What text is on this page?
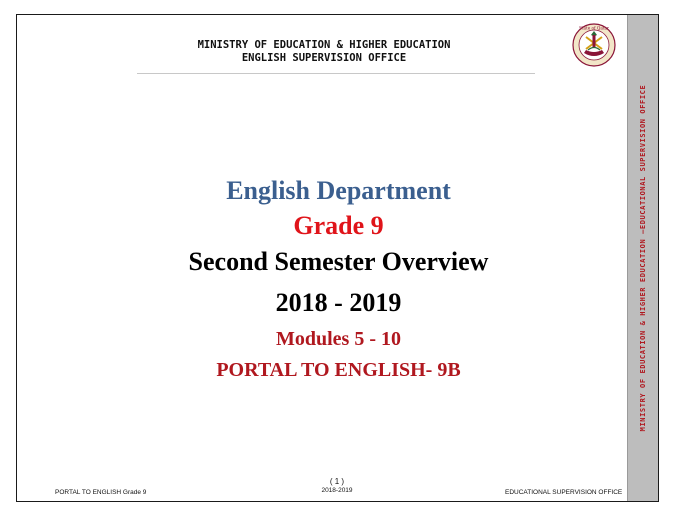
MINISTRY OF EDUCATION & HIGHER EDUCATION
ENGLISH SUPERVISION OFFICE
State of Qatar
MINISTRY OF EDUCATION & HIGHER EDUCATION –EDUCATIONAL SUPERVISION OFFICE
English Department
Grade 9
Second Semester Overview
2018 - 2019
Modules 5 - 10
PORTAL TO ENGLISH- 9B
PORTAL TO ENGLISH Grade 9
( 1 )
2018-2019	EDUCATIONAL SUPERVISION OFFICE
